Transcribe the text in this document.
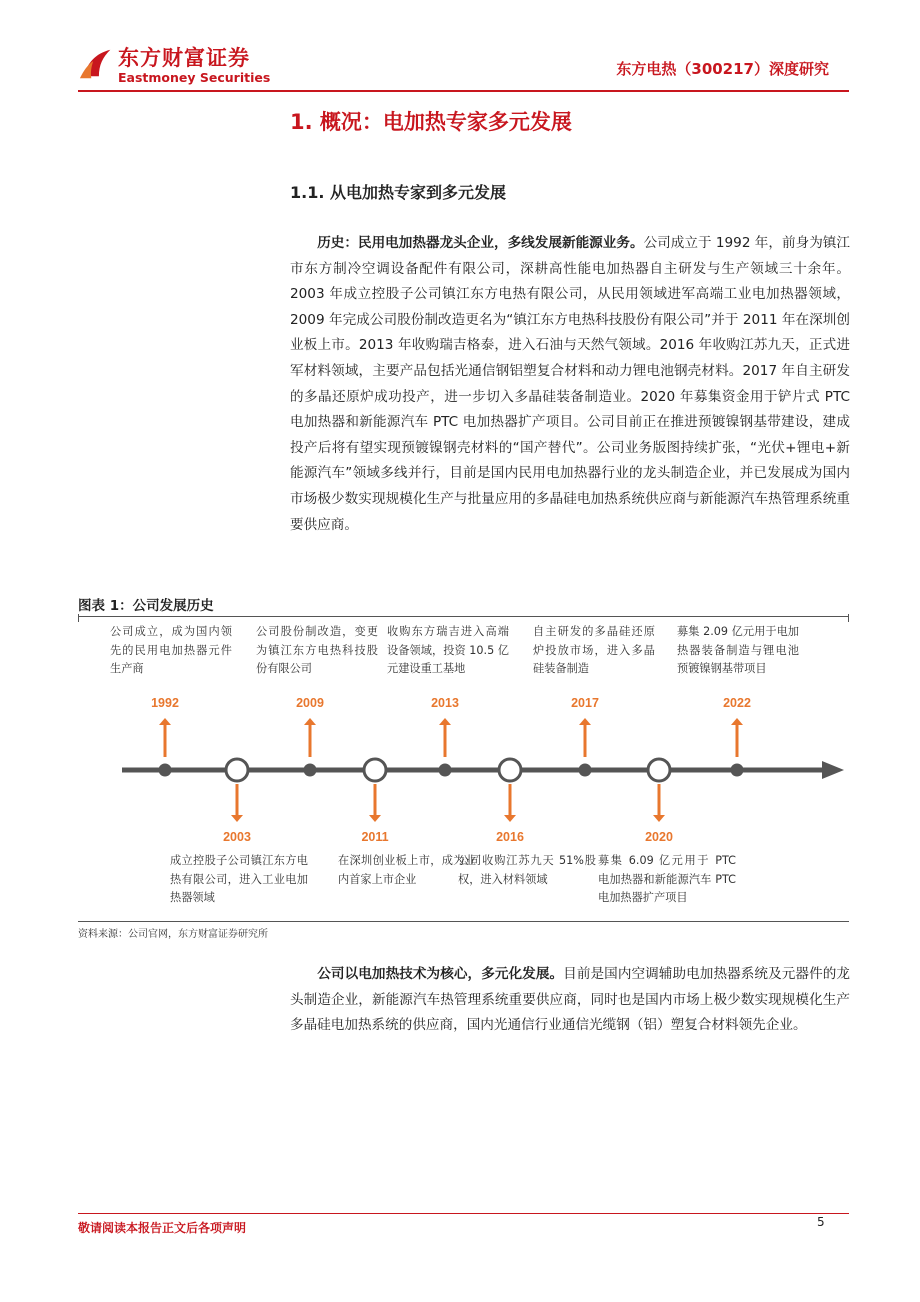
东方财富证券
Eastmoney Securities	东方电热（300217）深度研究
1. 概况：电加热专家多元发展
1.1. 从电加热专家到多元发展
历史：民用电加热器龙头企业，多线发展新能源业务。公司成立于 1992 年，前身为镇江市东方制冷空调设备配件有限公司，深耕高性能电加热器自主研发与生产领域三十余年。2003 年成立控股子公司镇江东方电热有限公司，从民用领域进军高端工业电加热器领域，2009 年完成公司股份制改造更名为“镇江东方电热科技股份有限公司”并于 2011 年在深圳创业板上市。2013 年收购瑞吉格泰，进入石油与天然气领域。2016 年收购江苏九天，正式进军材料领域，主要产品包括光通信钢铝塑复合材料和动力锂电池钢壳材料。2017 年自主研发的多晶还原炉成功投产，进一步切入多晶硅装备制造业。2020 年募集资金用于铲片式 PTC 电加热器和新能源汽车 PTC 电加热器扩产项目。公司目前正在推进预镀镍钢基带建设，建成投产后将有望实现预镀镍钢壳材料的“国产替代”。公司业务版图持续扩张，“光伏+锂电+新能源汽车”领域多线并行，目前是国内民用电加热器行业的龙头制造企业，并已发展成为国内市场极少数实现规模化生产与批量应用的多晶硅电加热系统供应商与新能源汽车热管理系统重要供应商。
图表 1：公司发展历史
1992	2009	2013	2017	2022
2003	2011	2016	2020
公司成立，成为国内领先的民用电加热器元件生产商
公司股份制改造，变更为镇江东方电热科技股份有限公司
收购东方瑞吉进入高端设备领域，投资 10.5 亿元建设重工基地
自主研发的多晶硅还原炉投放市场，进入多晶硅装备制造
募集 2.09 亿元用于电加热器装备制造与锂电池预镀镍钢基带项目
成立控股子公司镇江东方电热有限公司，进入工业电加热器领域
在深圳创业板上市，成为业内首家上市企业
公司收购江苏九天 51%股权，进入材料领域
募集 6.09 亿元用于 PTC 电加热器和新能源汽车 PTC 电加热器扩产项目
资料来源：公司官网，东方财富证券研究所
公司以电加热技术为核心，多元化发展。目前是国内空调辅助电加热器系统及元器件的龙头制造企业，新能源汽车热管理系统重要供应商，同时也是国内市场上极少数实现规模化生产多晶硅电加热系统的供应商，国内光通信行业通信光缆钢（铝）塑复合材料领先企业。
敬请阅读本报告正文后各项声明	5
